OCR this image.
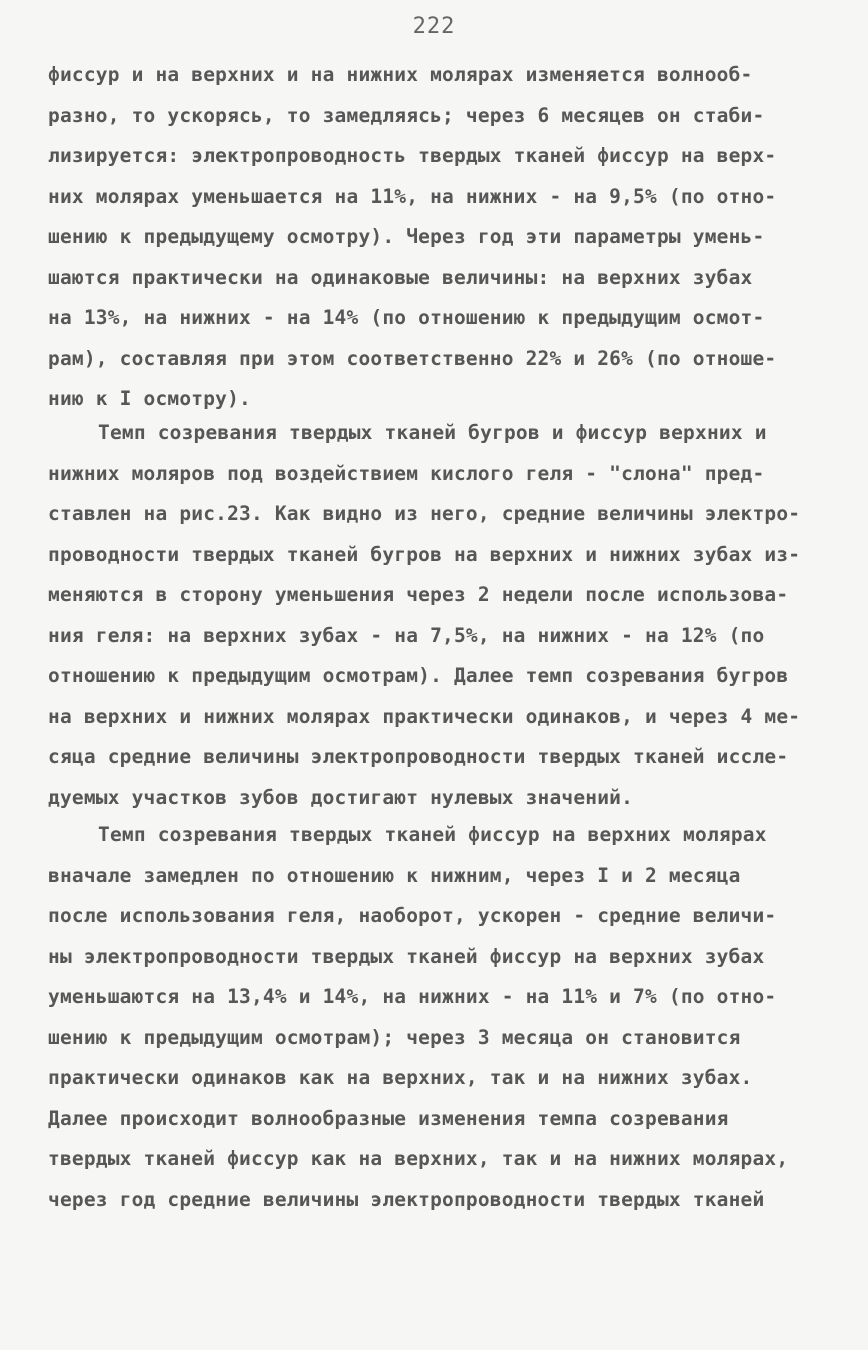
222
фиссур и на верхних и на нижних молярах изменяется волнооб-
разно, то ускорясь, то замедляясь; через 6 месяцев он стаби-
лизируется: электропроводность твердых тканей фиссур на верх-
них молярах уменьшается на 11%, на нижних - на 9,5% (по отно-
шению к предыдущему осмотру). Через год эти параметры умень-
шаются практически на одинаковые величины: на верхних зубах
на 13%, на нижних - на 14% (по отношению к предыдущим осмот-
рам), составляя при этом соответственно 22% и 26% (по отноше-
нию к I осмотру).
Темп созревания твердых тканей бугров и фиссур верхних и
нижних моляров под воздействием кислого геля - "слона" пред-
ставлен на рис.23. Как видно из него, средние величины электро-
проводности твердых тканей бугров на верхних и нижних зубах из-
меняются в сторону уменьшения через 2 недели после использова-
ния геля: на верхних зубах - на 7,5%, на нижних - на 12% (по
отношению к предыдущим осмотрам). Далее темп созревания бугров
на верхних и нижних молярах практически одинаков, и через 4 ме-
сяца средние величины электропроводности твердых тканей иссле-
дуемых участков зубов достигают нулевых значений.
Темп созревания твердых тканей фиссур на верхних молярах
вначале замедлен по отношению к нижним, через I и 2 месяца
после использования геля, наоборот, ускорен - средние величи-
ны электропроводности твердых тканей фиссур на верхних зубах
уменьшаются на 13,4% и 14%, на нижних - на 11% и 7% (по отно-
шению к предыдущим осмотрам); через 3 месяца он становится
практически одинаков как на верхних, так и на нижних зубах.
Далее происходит волнообразные изменения темпа созревания
твердых тканей фиссур как на верхних, так и на нижних молярах,
через год средние величины электропроводности твердых тканей
